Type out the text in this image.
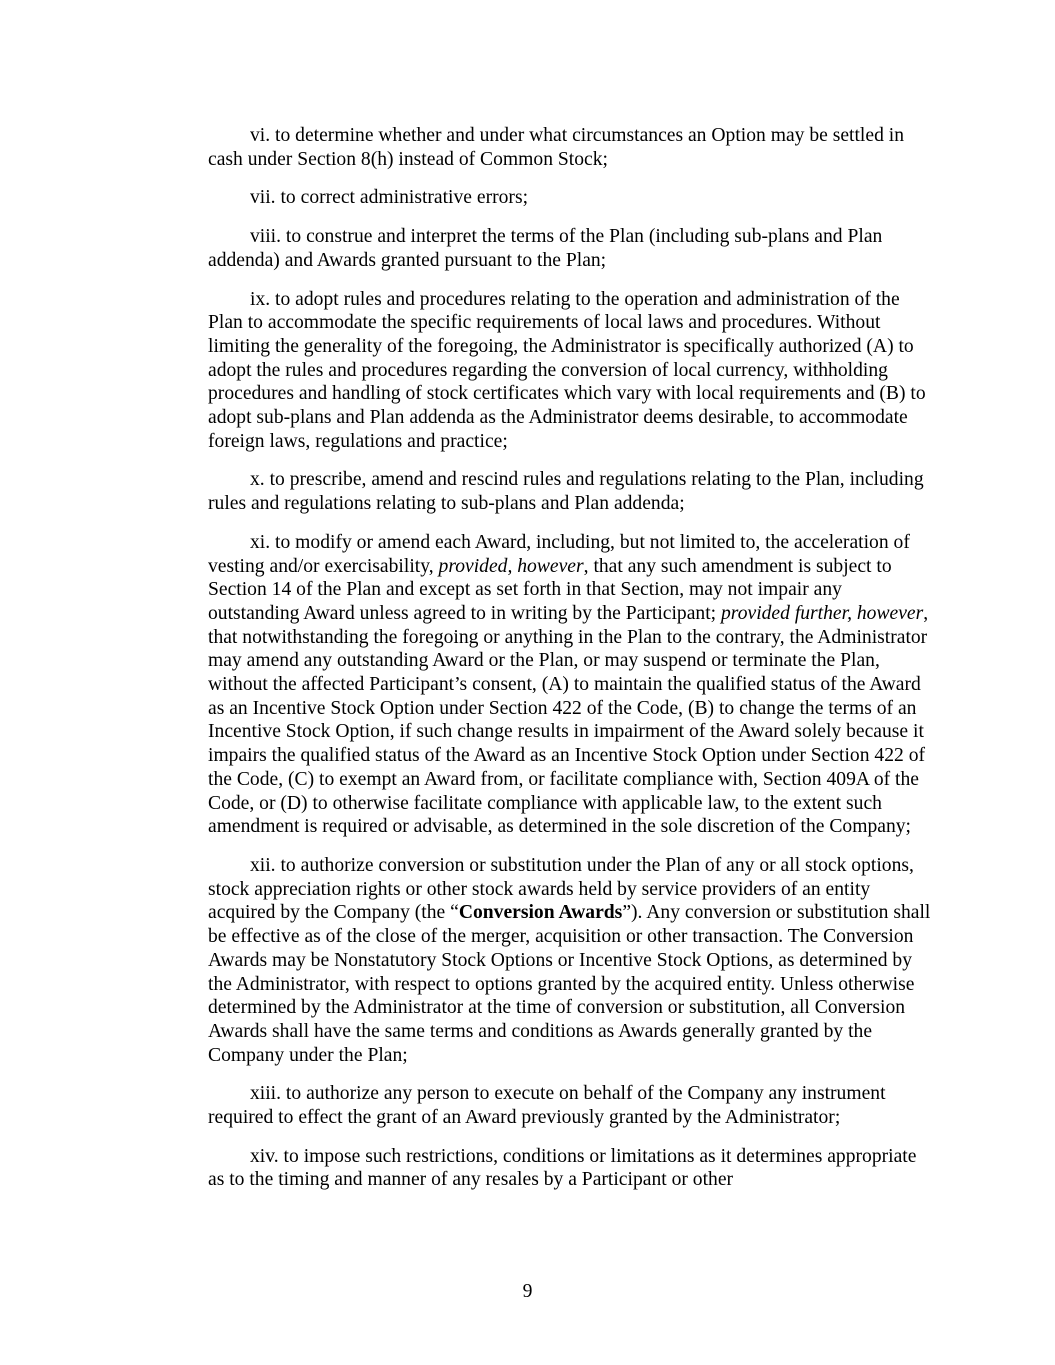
vi. to determine whether and under what circumstances an Option may be settled in cash under Section 8(h) instead of Common Stock;

vii. to correct administrative errors;

viii. to construe and interpret the terms of the Plan (including sub-plans and Plan addenda) and Awards granted pursuant to the Plan;

ix. to adopt rules and procedures relating to the operation and administration of the Plan to accommodate the specific requirements of local laws and procedures. Without limiting the generality of the foregoing, the Administrator is specifically authorized (A) to adopt the rules and procedures regarding the conversion of local currency, withholding procedures and handling of stock certificates which vary with local requirements and (B) to adopt sub-plans and Plan addenda as the Administrator deems desirable, to accommodate foreign laws, regulations and practice;

x. to prescribe, amend and rescind rules and regulations relating to the Plan, including rules and regulations relating to sub-plans and Plan addenda;

xi. to modify or amend each Award, including, but not limited to, the acceleration of vesting and/or exercisability, provided, however, that any such amendment is subject to Section 14 of the Plan and except as set forth in that Section, may not impair any outstanding Award unless agreed to in writing by the Participant; provided further, however, that notwithstanding the foregoing or anything in the Plan to the contrary, the Administrator may amend any outstanding Award or the Plan, or may suspend or terminate the Plan, without the affected Participant’s consent, (A) to maintain the qualified status of the Award as an Incentive Stock Option under Section 422 of the Code, (B) to change the terms of an Incentive Stock Option, if such change results in impairment of the Award solely because it impairs the qualified status of the Award as an Incentive Stock Option under Section 422 of the Code, (C) to exempt an Award from, or facilitate compliance with, Section 409A of the Code, or (D) to otherwise facilitate compliance with applicable law, to the extent such amendment is required or advisable, as determined in the sole discretion of the Company;

xii. to authorize conversion or substitution under the Plan of any or all stock options, stock appreciation rights or other stock awards held by service providers of an entity acquired by the Company (the “Conversion Awards”). Any conversion or substitution shall be effective as of the close of the merger, acquisition or other transaction. The Conversion Awards may be Nonstatutory Stock Options or Incentive Stock Options, as determined by the Administrator, with respect to options granted by the acquired entity. Unless otherwise determined by the Administrator at the time of conversion or substitution, all Conversion Awards shall have the same terms and conditions as Awards generally granted by the Company under the Plan;

xiii. to authorize any person to execute on behalf of the Company any instrument required to effect the grant of an Award previously granted by the Administrator;

xiv. to impose such restrictions, conditions or limitations as it determines appropriate as to the timing and manner of any resales by a Participant or other

9
